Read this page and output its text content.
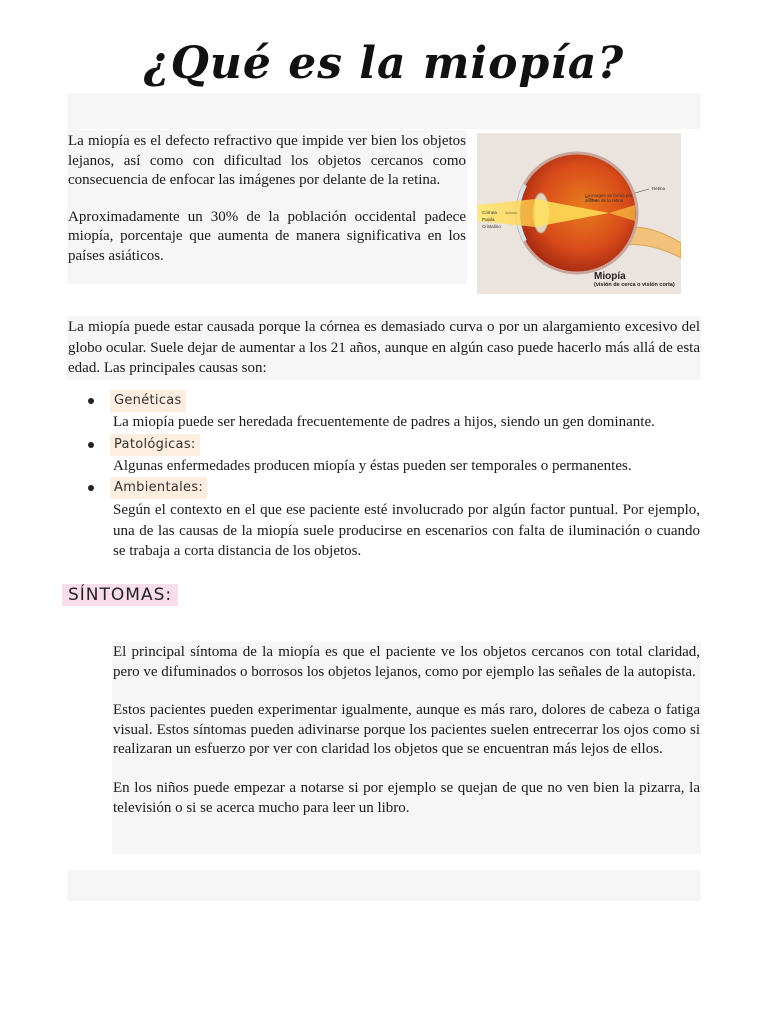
¿Qué es la miopía?

La miopía es el defecto refractivo que impide ver bien los objetos lejanos, así como con dificultad los objetos cercanos como consecuencia de enfocar las imágenes por delante de la retina.

Aproximadamente un 30% de la población occidental padece miopía, porcentaje que aumenta de manera significativa en los países asiáticos.

Retina
La imagen se forma por delante de la retina
Córnea
Pupila
Cristalino
Miopía
(visión de cerca o visión corta)

La miopía puede estar causada porque la córnea es demasiado curva o por un alargamiento excesivo del globo ocular. Suele dejar de aumentar a los 21 años, aunque en algún caso puede hacerlo más allá de esta edad. Las principales causas son:

Genéticas
La miopía puede ser heredada frecuentemente de padres a hijos, siendo un gen dominante.
Patológicas:
Algunas enfermedades producen miopía y éstas pueden ser temporales o permanentes.
Ambientales:
Según el contexto en el que ese paciente esté involucrado por algún factor puntual. Por ejemplo, una de las causas de la miopía suele producirse en escenarios con falta de iluminación o cuando se trabaja a corta distancia de los objetos.
SÍNTOMAS:

El principal síntoma de la miopía es que el paciente ve los objetos cercanos con total claridad, pero ve difuminados o borrosos los objetos lejanos, como por ejemplo las señales de la autopista.

Estos pacientes pueden experimentar igualmente, aunque es más raro, dolores de cabeza o fatiga visual. Estos síntomas pueden adivinarse porque los pacientes suelen entrecerrar los ojos como si realizaran un esfuerzo por ver con claridad los objetos que se encuentran más lejos de ellos.

En los niños puede empezar a notarse si por ejemplo se quejan de que no ven bien la pizarra, la televisión o si se acerca mucho para leer un libro.
